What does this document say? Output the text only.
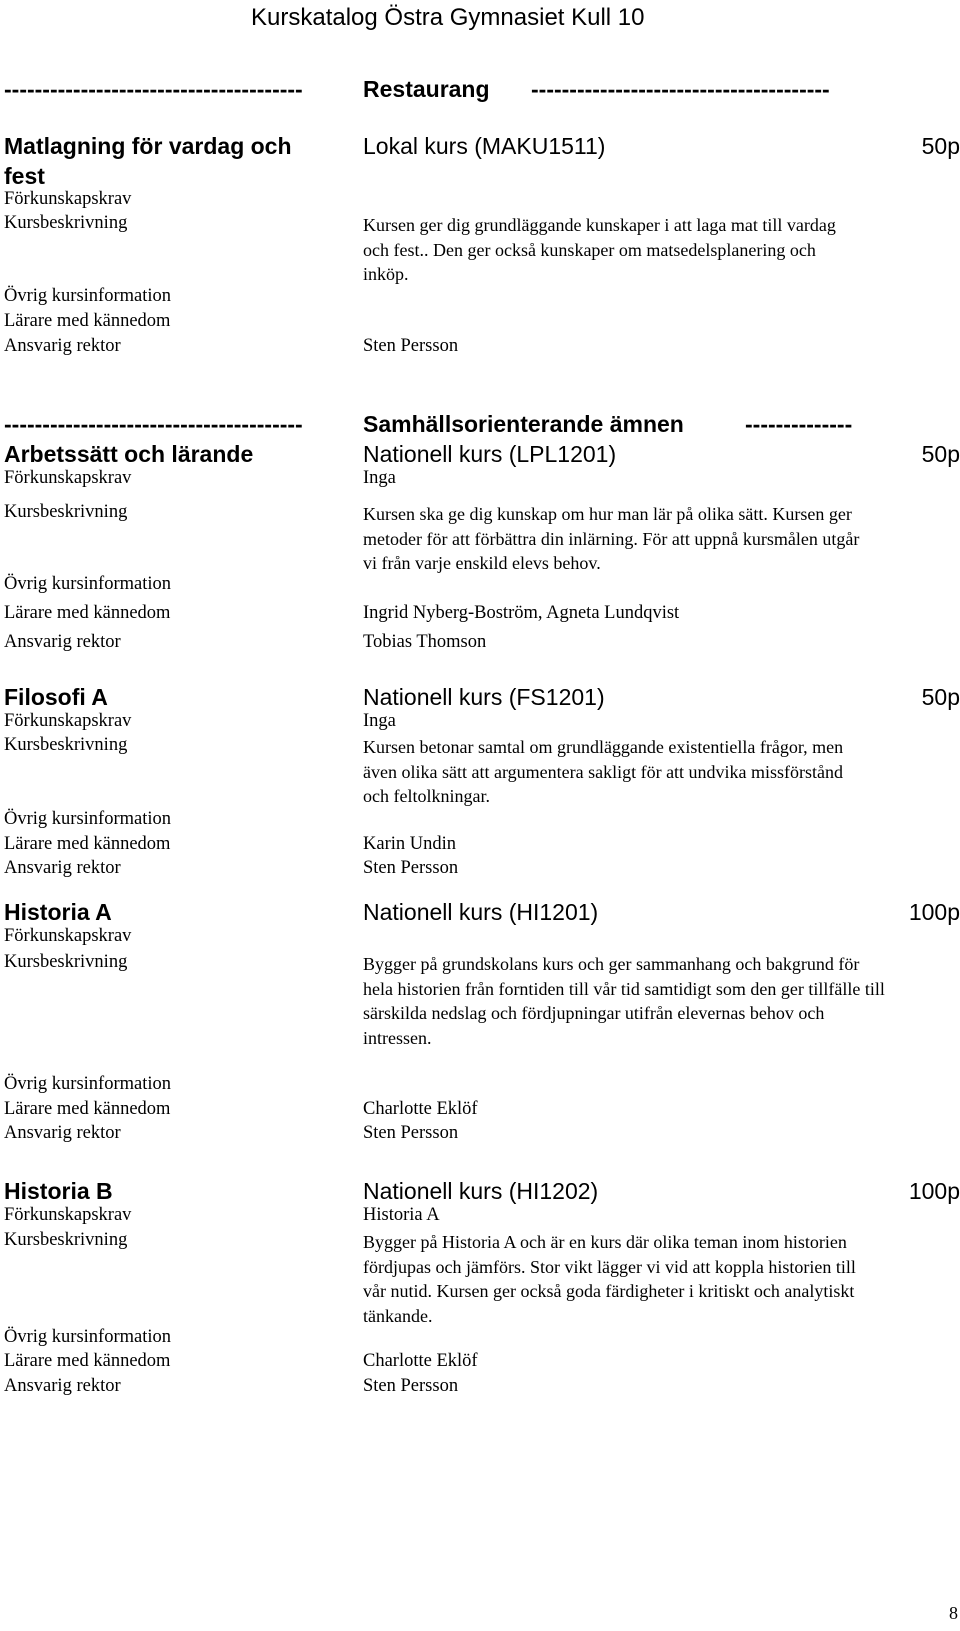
Kurskatalog Östra Gymnasiet Kull 10
---------------------------------------	Restaurang ---------------------------------------
Matlagning för vardag och
fest
Lokal kurs (MAKU1511)	50p
Förkunskapskrav
Kursbeskrivning	Kursen ger dig grundläggande kunskaper i att laga mat till vardag och fest.. Den ger också kunskaper om matsedelsplanering och inköp.
Övrig kursinformation
Lärare med kännedom
Ansvarig rektor	Sten Persson
---------------------------------------	Samhällsorienterande ämnen	--------------
Arbetssätt och lärande	Nationell kurs (LPL1201)	50p
Förkunskapskrav	Inga
Kursbeskrivning	Kursen ska ge dig kunskap om hur man lär på olika sätt. Kursen ger metoder för att förbättra din inlärning. För att uppnå kursmålen utgår vi från varje enskild elevs behov.
Övrig kursinformation
Lärare med kännedom	Ingrid Nyberg-Boström, Agneta Lundqvist
Ansvarig rektor	Tobias Thomson
Filosofi A	Nationell kurs (FS1201)	50p
Förkunskapskrav	Inga
Kursbeskrivning	Kursen betonar samtal om grundläggande existentiella frågor, men även olika sätt att argumentera sakligt för att undvika missförstånd och feltolkningar.
Övrig kursinformation
Lärare med kännedom	Karin Undin
Ansvarig rektor	Sten Persson
Historia A	Nationell kurs (HI1201)	100p
Förkunskapskrav
Kursbeskrivning	Bygger på grundskolans kurs och ger sammanhang och bakgrund för hela historien från forntiden till vår tid samtidigt som den ger tillfälle till särskilda nedslag och fördjupningar utifrån elevernas behov och intressen.
Övrig kursinformation
Lärare med kännedom	Charlotte Eklöf
Ansvarig rektor	Sten Persson
Historia B	Nationell kurs (HI1202)	100p
Förkunskapskrav	Historia A
Kursbeskrivning	Bygger på Historia A och är en kurs där olika teman inom historien fördjupas och jämförs. Stor vikt lägger vi vid att koppla historien till vår nutid. Kursen ger också goda färdigheter i kritiskt och analytiskt tänkande.
Övrig kursinformation
Lärare med kännedom	Charlotte Eklöf
Ansvarig rektor	Sten Persson
8
